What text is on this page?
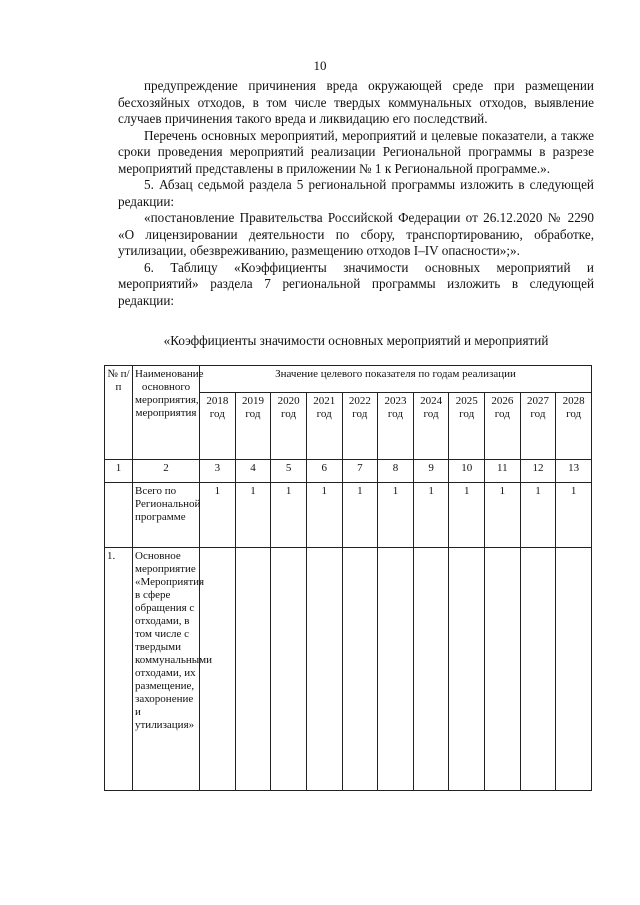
10

предупреждение причинения вреда окружающей среде при размещении бесхозяйных отходов, в том числе твердых коммунальных отходов, выявление случаев причинения такого вреда и ликвидацию его последствий.

Перечень основных мероприятий, мероприятий и целевые показатели, а также сроки проведения мероприятий реализации Региональной программы в разрезе мероприятий представлены в приложении № 1 к Региональной программе.».

5. Абзац седьмой раздела 5 региональной программы изложить в следующей редакции:

«постановление Правительства Российской Федерации от 26.12.2020 № 2290 «О лицензировании деятельности по сбору, транспортированию, обработке, утилизации, обезвреживанию, размещению отходов I–IV опасности»;».

6. Таблицу «Коэффициенты значимости основных мероприятий и мероприятий» раздела 7 региональной программы изложить в следующей редакции:

«Коэффициенты значимости основных мероприятий и мероприятий
№ п/п	Наименование основного мероприятия, мероприятия	Значение целевого показателя по годам реализации										
		2018 год	2019 год	2020 год	2021 год	2022 год	2023 год	2024 год	2025 год	2026 год	2027 год	2028 год
1	2	3	4	5	6	7	8	9	10	11	12	13
	Всего по Региональной программе	1	1	1	1	1	1	1	1	1	1	1
1.	Основное мероприятие «Мероприятия в сфере обращения с отходами, в том числе с твердыми коммунальными отходами, их размещение, захоронение и утилизация»											
